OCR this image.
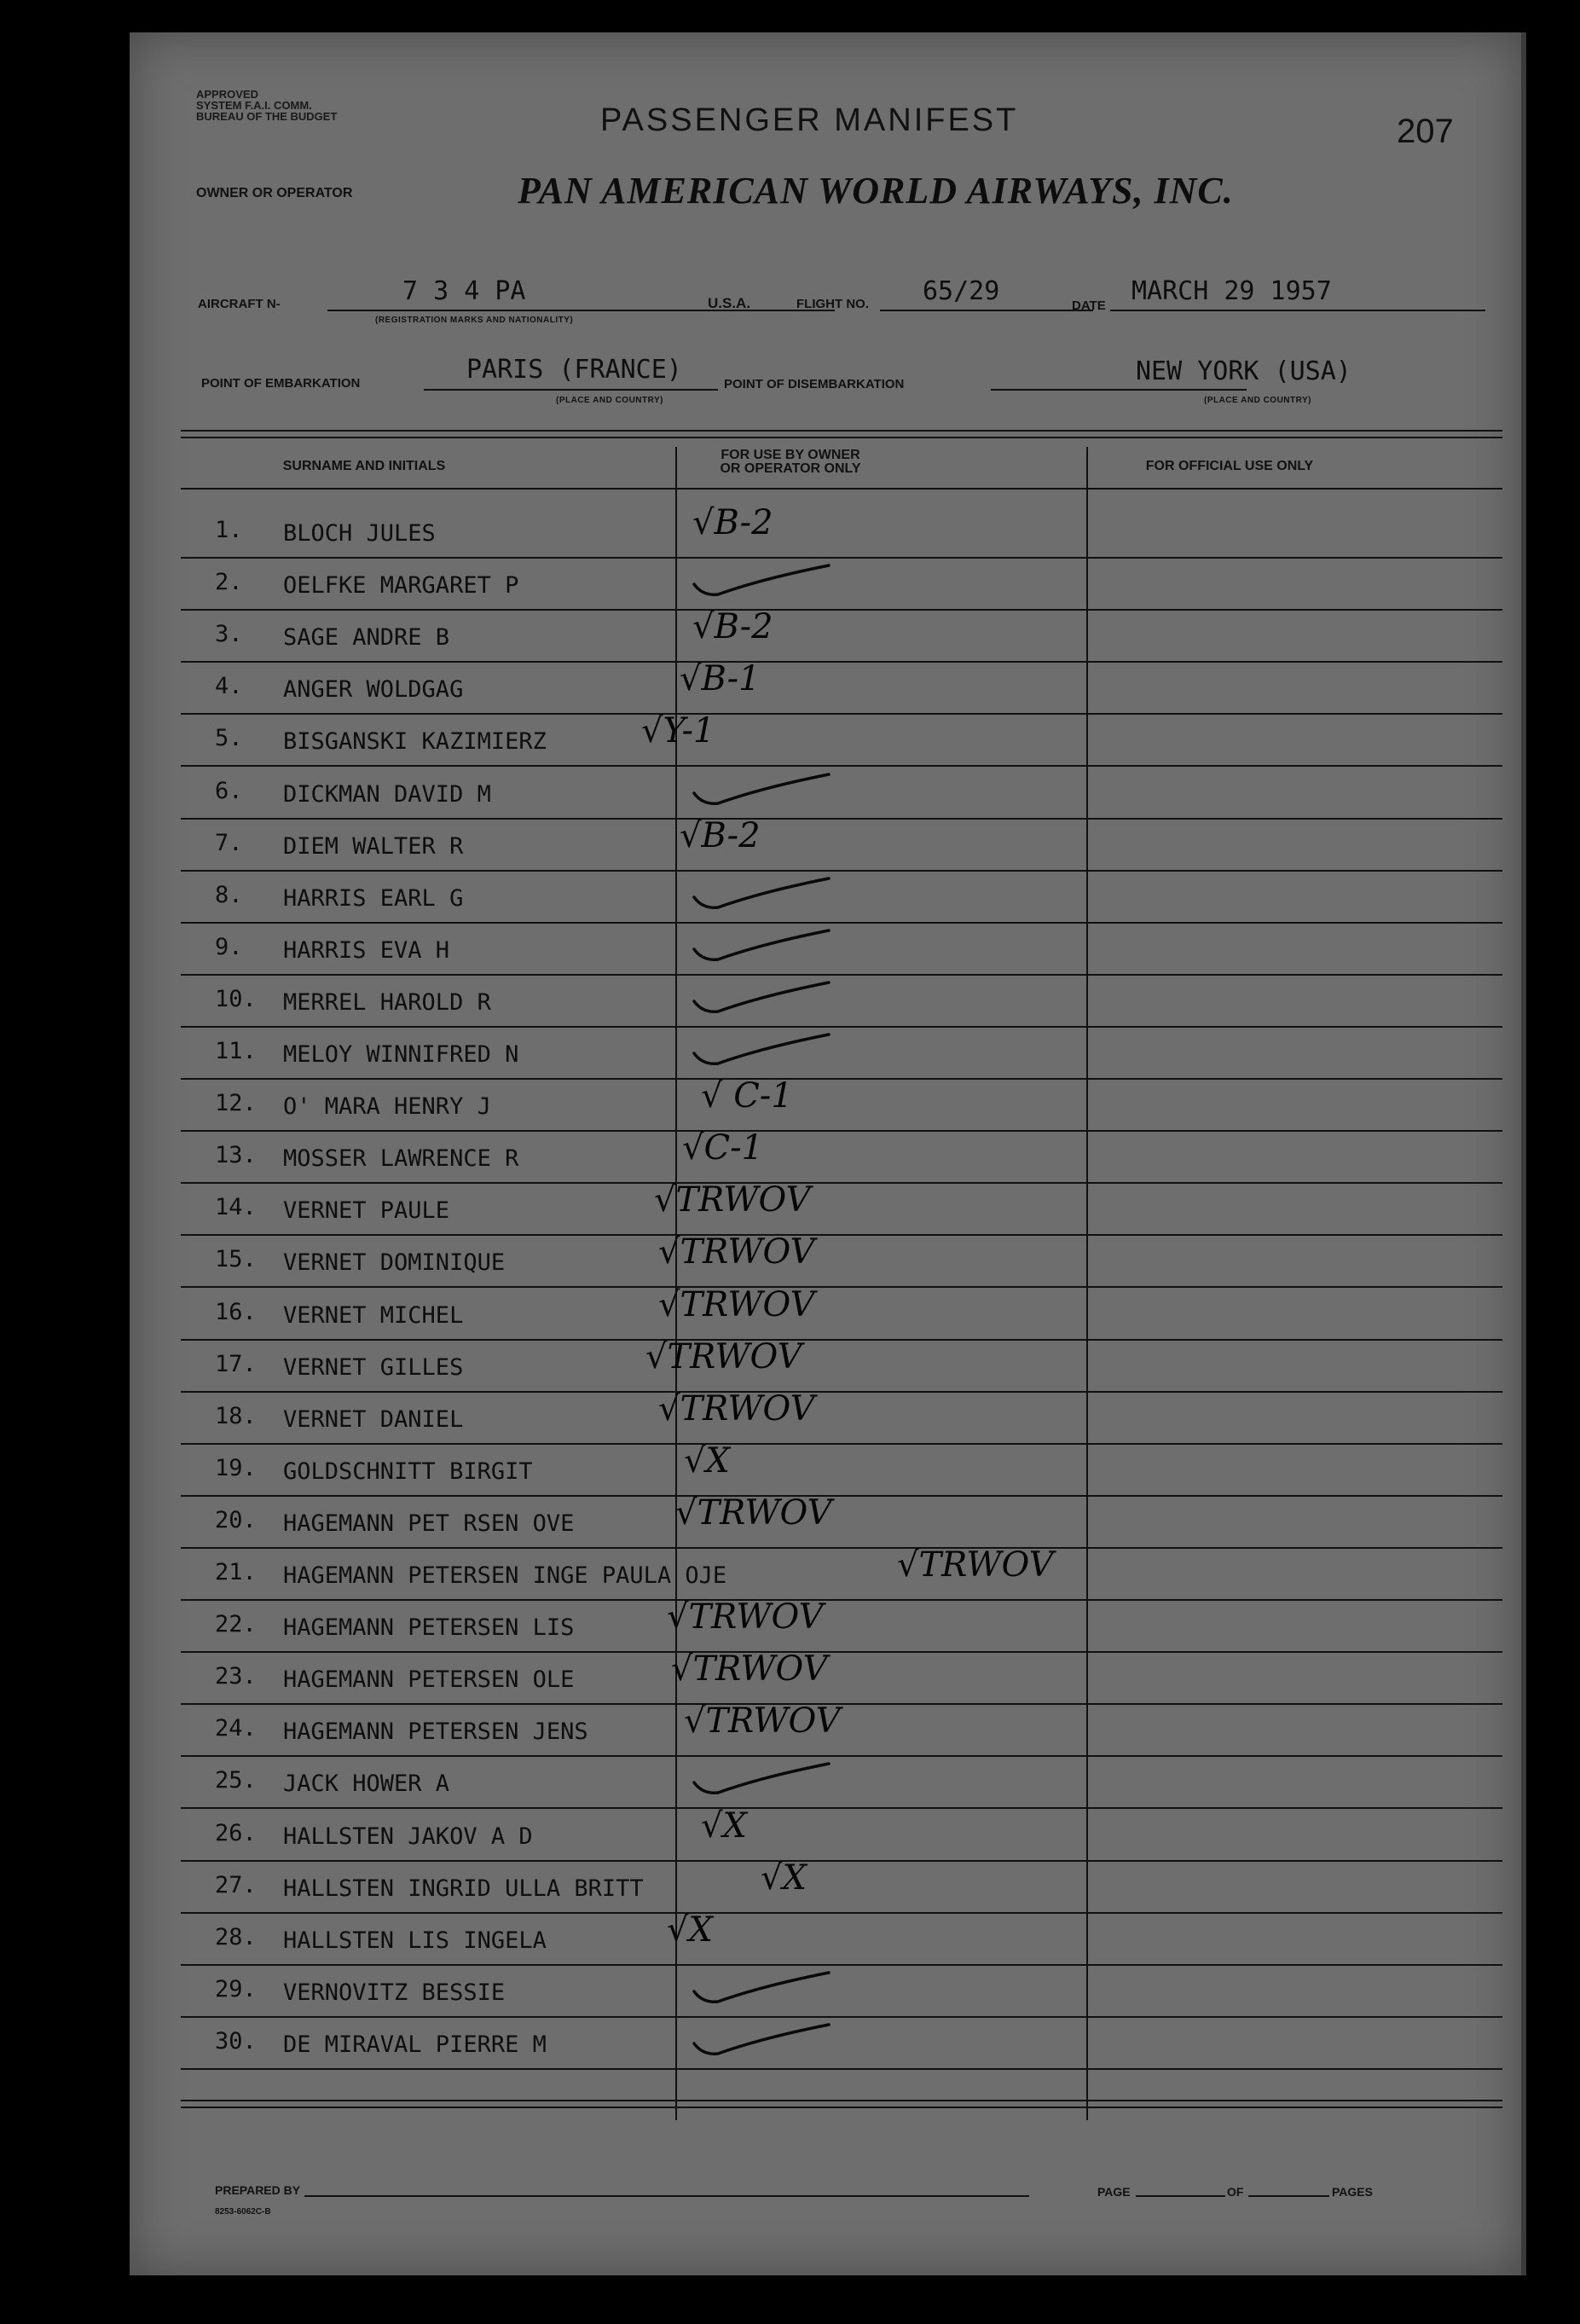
APPROVED
SYSTEM F.A.I. COMM.
BUREAU OF THE BUDGET	PASSENGER MANIFEST	207
OWNER OR OPERATOR	PAN AMERICAN WORLD AIRWAYS, INC.
AIRCRAFT N-	7 3 4 PA
(REGISTRATION MARKS AND NATIONALITY)
U.S.A.	FLIGHT NO. 65/29	DATE MARCH 29 1957
POINT OF EMBARKATION	PARIS (FRANCE)
(PLACE AND COUNTRY)
POINT OF DISEMBARKATION	NEW YORK (USA)
(PLACE AND COUNTRY)
SURNAME AND INITIALS
FOR USE BY OWNER
OR OPERATOR ONLY	FOR OFFICIAL USE ONLY
1. BLOCH JULES	√B-2
2. OELFKE MARGARET P
3. SAGE ANDRE B	√B-2
4. ANGER WOLDGAG	√B-1
5. BISGANSKI KAZIMIERZ	√Y-1
6. DICKMAN DAVID M
7. DIEM WALTER R	√B-2
8. HARRIS EARL G
9. HARRIS EVA H
10. MERREL HAROLD R
11. MELOY WINNIFRED N
12. O' MARA HENRY J	√ C-1
13. MOSSER LAWRENCE R	√C-1
14. VERNET PAULE	√TRWOV
15. VERNET DOMINIQUE	√TRWOV
16. VERNET MICHEL	√TRWOV
17. VERNET GILLES	√TRWOV
18. VERNET DANIEL	√TRWOV
19. GOLDSCHNITT BIRGIT	√X
20. HAGEMANN PET RSEN OVE	√TRWOV
21. HAGEMANN PETERSEN INGE PAULA OJE	√TRWOV
22. HAGEMANN PETERSEN LIS	√TRWOV
23. HAGEMANN PETERSEN OLE	√TRWOV
24. HAGEMANN PETERSEN JENS	√TRWOV
25. JACK HOWER A
26. HALLSTEN JAKOV A D	√X
27. HALLSTEN INGRID ULLA BRITT	√X
28. HALLSTEN LIS INGELA	√X
29. VERNOVITZ BESSIE
30. DE MIRAVAL PIERRE M
PREPARED BY
8253-6062C-B
PAGE	OF	PAGES
